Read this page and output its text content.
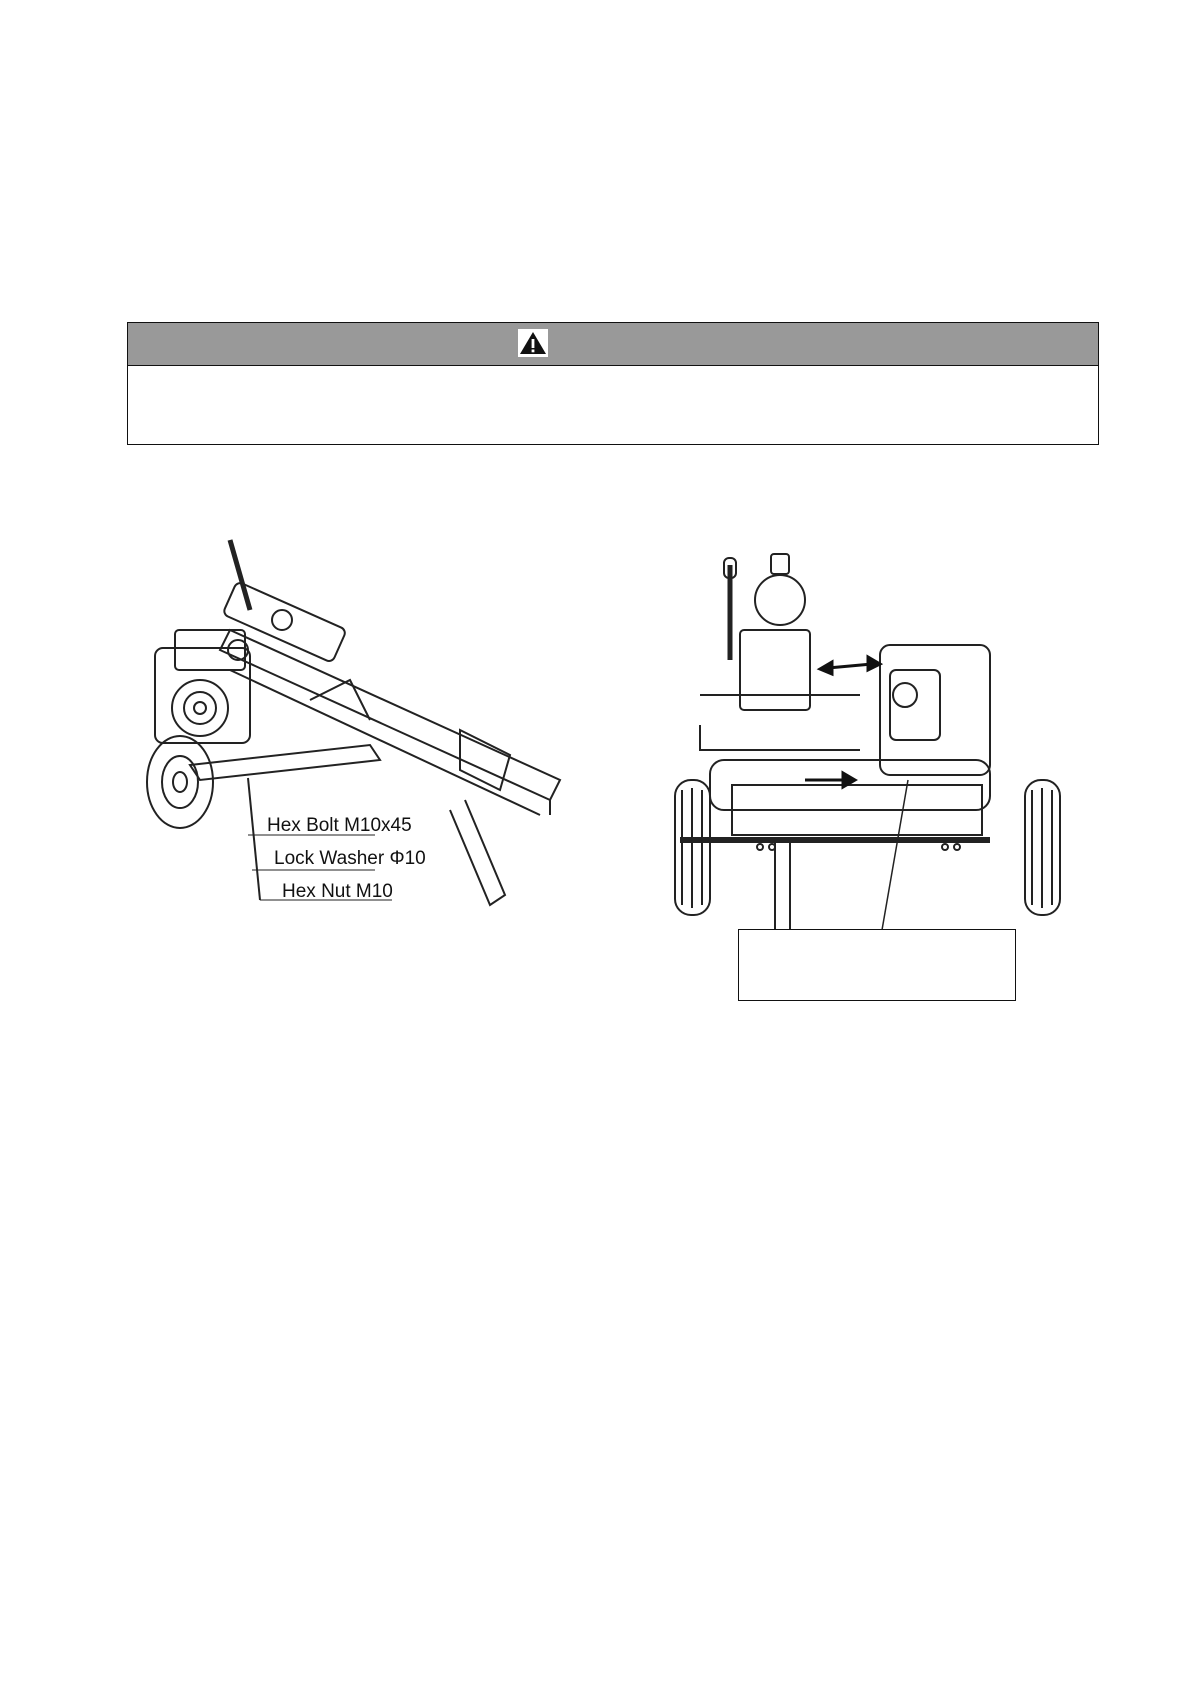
Hex Bolt M10x45
Lock Washer Φ10
Hex Nut M10
